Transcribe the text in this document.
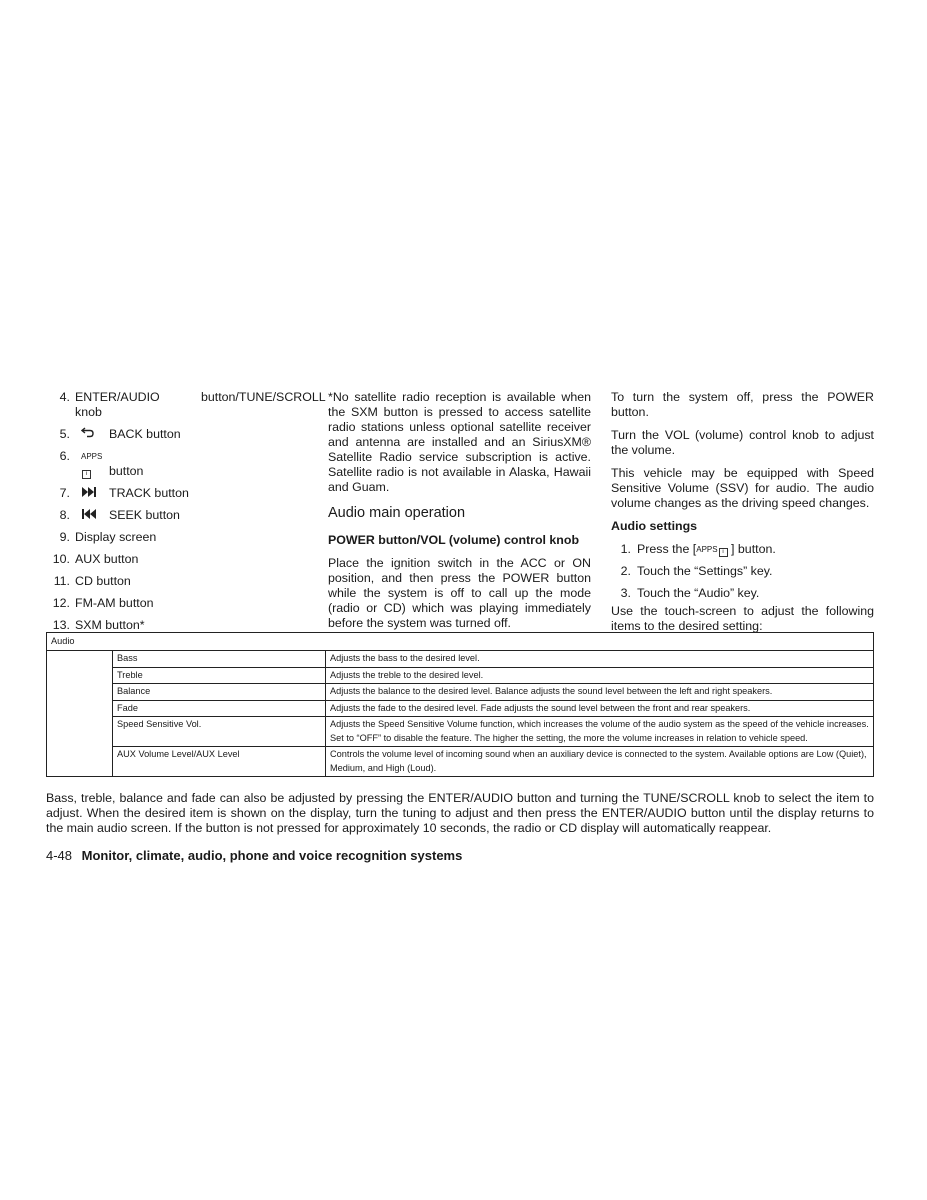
4. ENTER/AUDIO            button/TUNE/SCROLL knob
5.	BACK button
6.	APPSi button
7.	TRACK button
8.	SEEK button
9. Display screen
10. AUX button
11. CD button
12. FM-AM button
13. SXM button*

*No satellite radio reception is available when the SXM button is pressed to access satellite radio stations unless optional satellite receiver and antenna are installed and an SiriusXM® Satellite Radio service subscription is active. Satellite radio is not available in Alaska, Hawaii and Guam.

Audio main operation
POWER button/VOL (volume) control knob

Place the ignition switch in the ACC or ON position, and then press the POWER button while the system is off to call up the mode (radio or CD) which was playing immediately before the system was turned off.

To turn the system off, press the POWER button.

Turn the VOL (volume) control knob to adjust the volume.

This vehicle may be equipped with Speed Sensitive Volume (SSV) for audio. The audio volume changes as the driving speed changes.

Audio settings
1. Press the [APPS i ] button.
2. Touch the “Settings” key.
3. Touch the “Audio” key.

Use the touch-screen to adjust the following items to the desired setting:

Audio
Bass	Adjusts the bass to the desired level.
Treble	Adjusts the treble to the desired level.
Balance	Adjusts the balance to the desired level. Balance adjusts the sound level between the left and right speakers.
Fade	Adjusts the fade to the desired level. Fade adjusts the sound level between the front and rear speakers.
Speed Sensitive Vol.	Adjusts the Speed Sensitive Volume function, which increases the volume of the audio system as the speed of the vehicle increases. Set to “OFF” to disable the feature. The higher the setting, the more the volume increases in relation to vehicle speed.
AUX Volume Level/AUX Level	Controls the volume level of incoming sound when an auxiliary device is connected to the system. Available options are Low (Quiet), Medium, and High (Loud).

Bass, treble, balance and fade can also be adjusted by pressing the ENTER/AUDIO button and turning the TUNE/SCROLL knob to select the item to adjust. When the desired item is shown on the display, turn the tuning to adjust and then press the ENTER/AUDIO button until the display returns to the main audio screen. If the button is not pressed for approximately 10 seconds, the radio or CD display will automatically reappear.

4-48 Monitor, climate, audio, phone and voice recognition systems
